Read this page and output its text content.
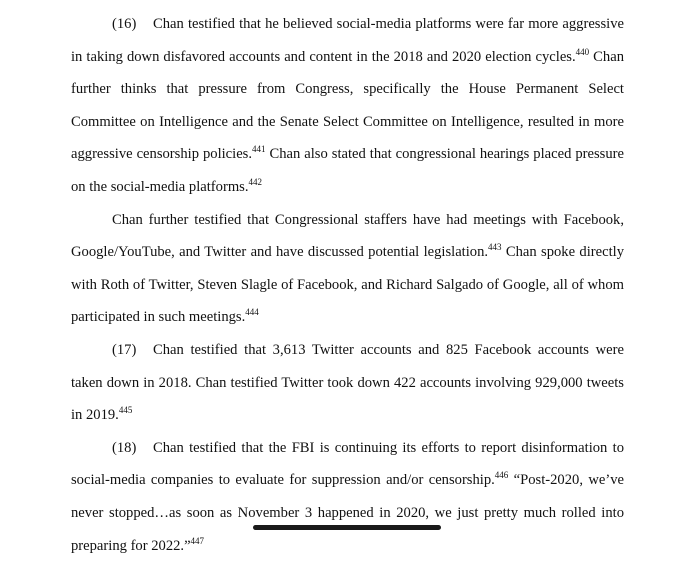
(16) Chan testified that he believed social-media platforms were far more aggressive in taking down disfavored accounts and content in the 2018 and 2020 election cycles.$^{440}$ Chan further thinks that pressure from Congress, specifically the House Permanent Select Committee on Intelligence and the Senate Select Committee on Intelligence, resulted in more aggressive censorship policies.$^{441}$ Chan also stated that congressional hearings placed pressure on the social-media platforms.$^{442}$

Chan further testified that Congressional staffers have had meetings with Facebook, Google/YouTube, and Twitter and have discussed potential legislation.$^{443}$ Chan spoke directly with Roth of Twitter, Steven Slagle of Facebook, and Richard Salgado of Google, all of whom participated in such meetings.$^{444}$

(17) Chan testified that 3,613 Twitter accounts and 825 Facebook accounts were taken down in 2018. Chan testified Twitter took down 422 accounts involving 929,000 tweets in 2019.$^{445}$

(18) Chan testified that the FBI is continuing its efforts to report disinformation to social-media companies to evaluate for suppression and/or censorship.$^{446}$ “Post-2020, we’ve never stopped…as soon as November 3 happened in 2020, we just pretty much rolled into preparing for 2022.”$^{447}$
